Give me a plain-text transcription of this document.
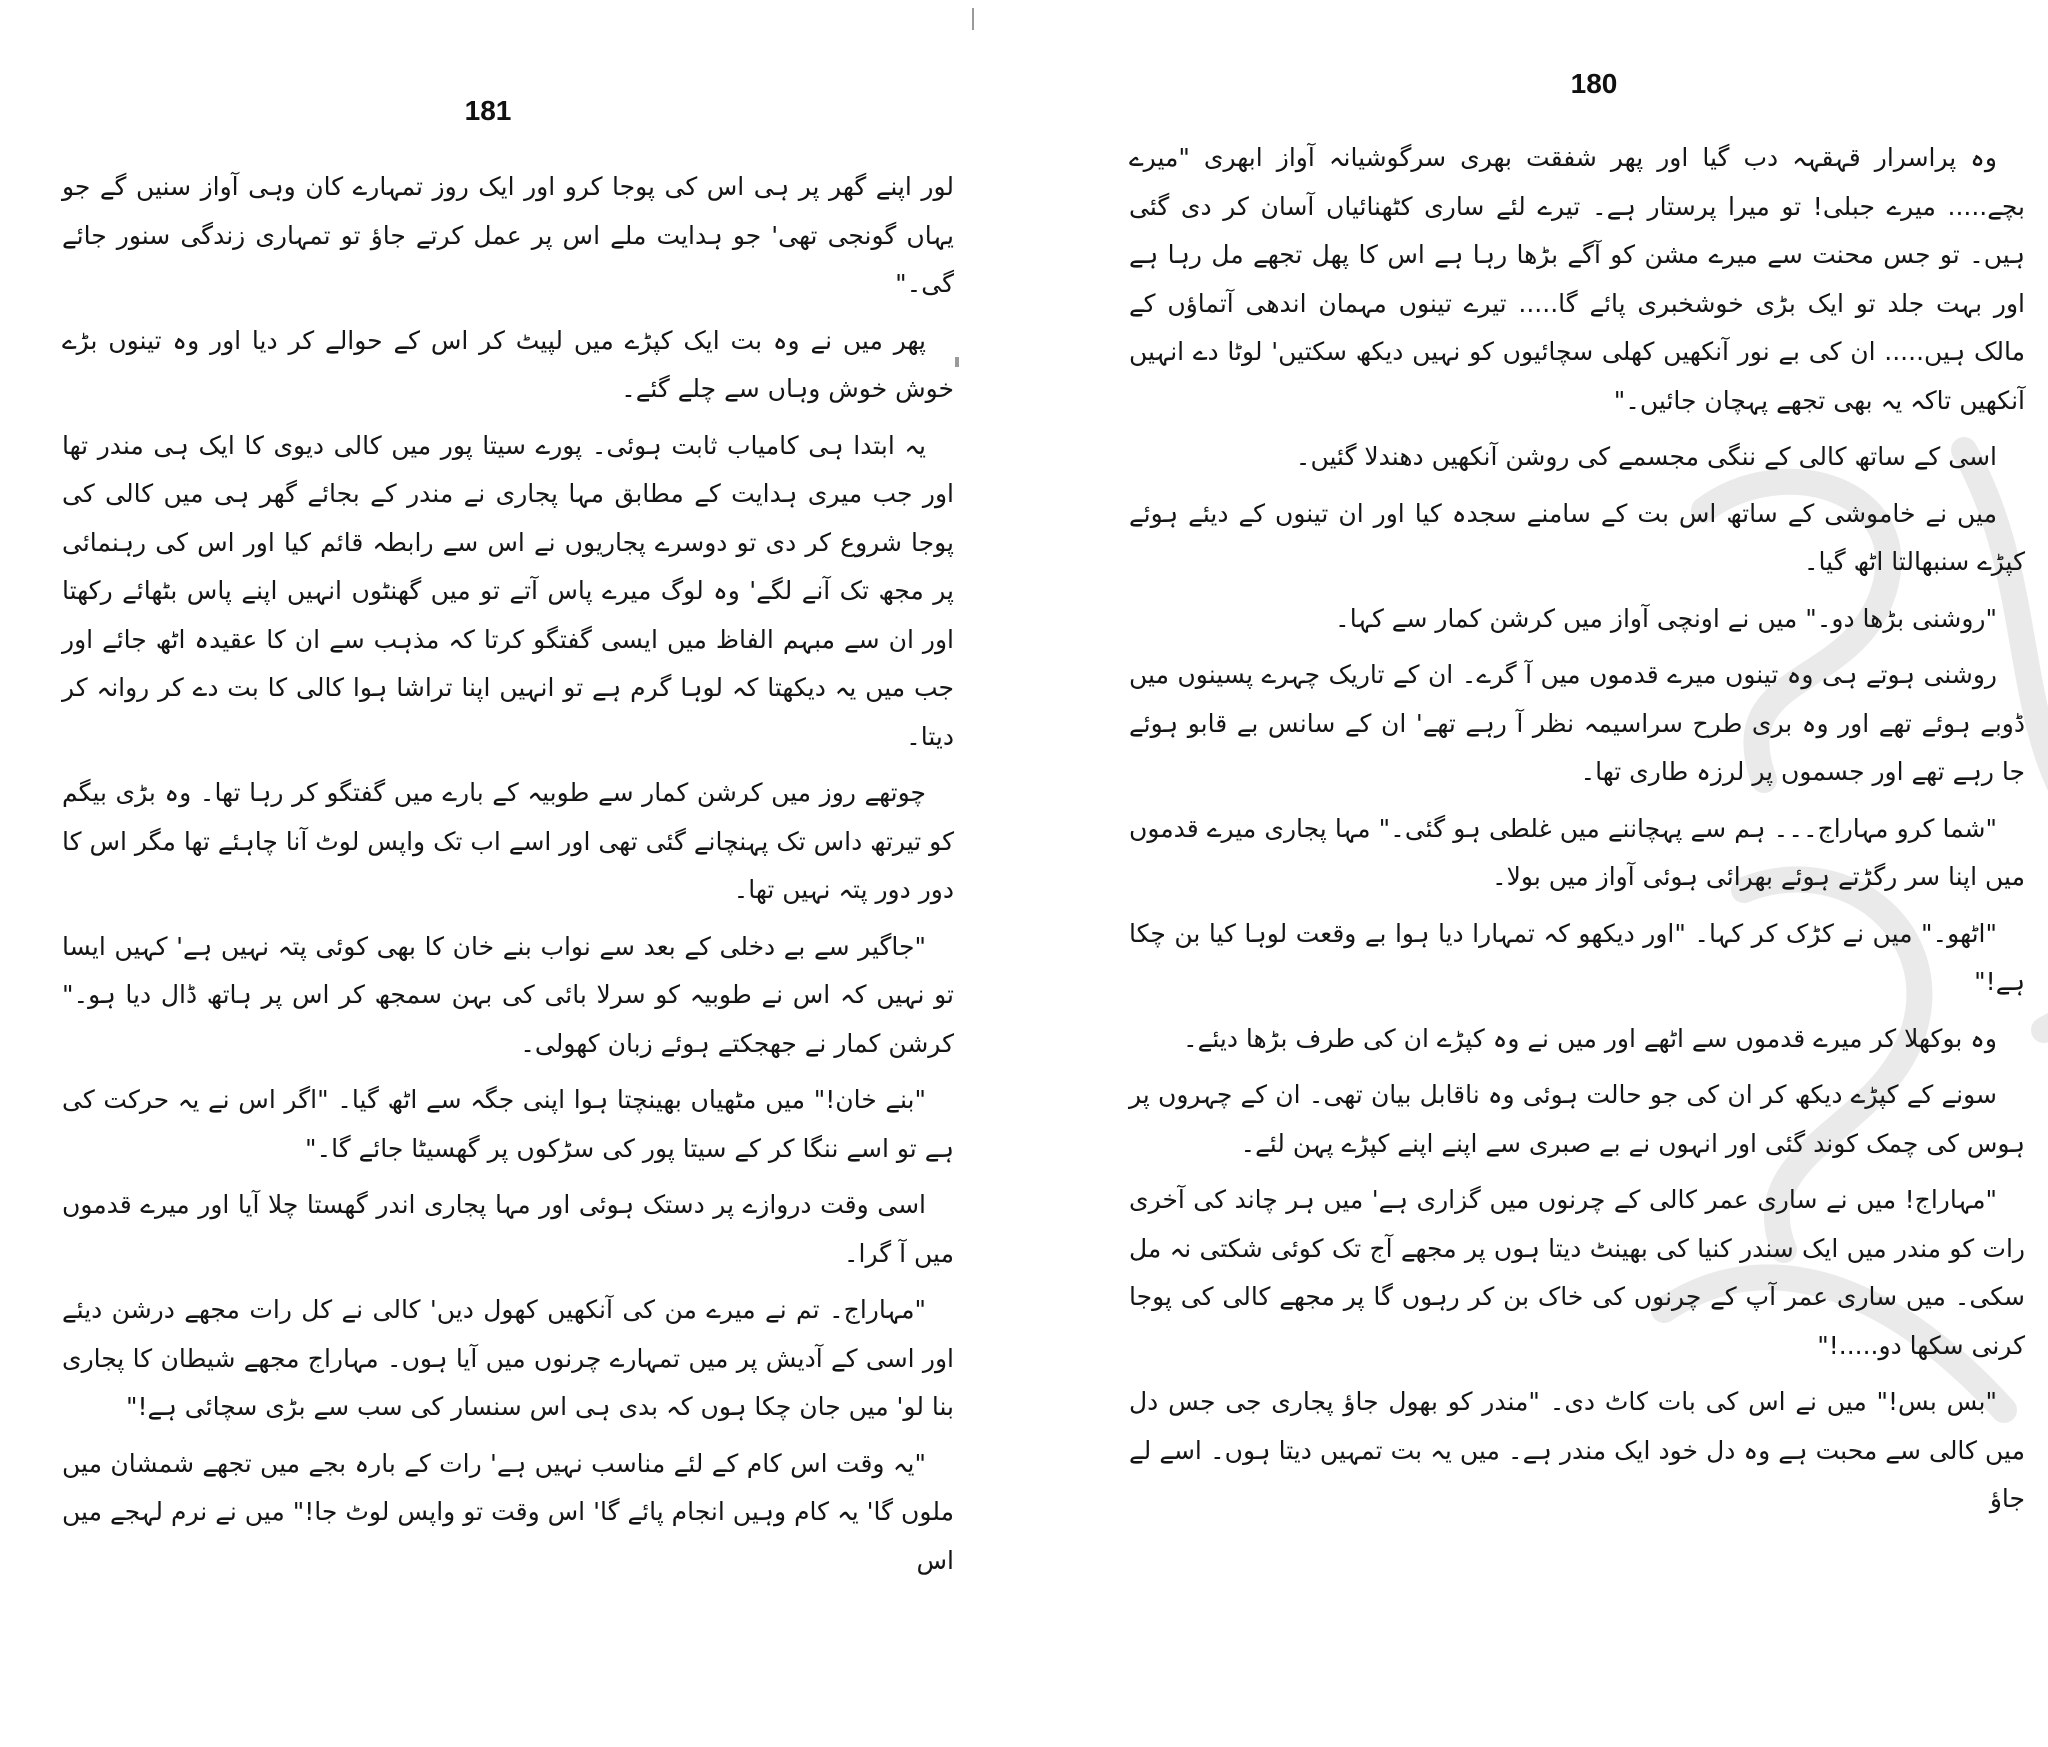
181

لور اپنے گھر پر ہی اس کی پوجا کرو اور ایک روز تمہارے کان وہی آواز سنیں گے جو یہاں گونجی تھی' جو ہدایت ملے اس پر عمل کرتے جاؤ تو تمہاری زندگی سنور جائے گی۔"

پھر میں نے وہ بت ایک کپڑے میں لپیٹ کر اس کے حوالے کر دیا اور وہ تینوں بڑے خوش خوش وہاں سے چلے گئے۔

یہ ابتدا ہی کامیاب ثابت ہوئی۔ پورے سیتا پور میں کالی دیوی کا ایک ہی مندر تھا اور جب میری ہدایت کے مطابق مہا پجاری نے مندر کے بجائے گھر ہی میں کالی کی پوجا شروع کر دی تو دوسرے پجاریوں نے اس سے رابطہ قائم کیا اور اس کی رہنمائی پر مجھ تک آنے لگے' وہ لوگ میرے پاس آتے تو میں گھنٹوں انہیں اپنے پاس بٹھائے رکھتا اور ان سے مبہم الفاظ میں ایسی گفتگو کرتا کہ مذہب سے ان کا عقیدہ اٹھ جائے اور جب میں یہ دیکھتا کہ لوہا گرم ہے تو انہیں اپنا تراشا ہوا کالی کا بت دے کر روانہ کر دیتا۔

چوتھے روز میں کرشن کمار سے طوبیہ کے بارے میں گفتگو کر رہا تھا۔ وہ بڑی بیگم کو تیرتھ داس تک پہنچانے گئی تھی اور اسے اب تک واپس لوٹ آنا چاہئے تھا مگر اس کا دور دور پتہ نہیں تھا۔

"جاگیر سے بے دخلی کے بعد سے نواب بنے خان کا بھی کوئی پتہ نہیں ہے' کہیں ایسا تو نہیں کہ اس نے طوبیہ کو سرلا بائی کی بہن سمجھ کر اس پر ہاتھ ڈال دیا ہو۔" کرشن کمار نے جھجکتے ہوئے زبان کھولی۔

"بنے خان!" میں مٹھیاں بھینچتا ہوا اپنی جگہ سے اٹھ گیا۔ "اگر اس نے یہ حرکت کی ہے تو اسے ننگا کر کے سیتا پور کی سڑکوں پر گھسیٹا جائے گا۔"

اسی وقت دروازے پر دستک ہوئی اور مہا پجاری اندر گھستا چلا آیا اور میرے قدموں میں آ گرا۔

"مہاراج۔ تم نے میرے من کی آنکھیں کھول دیں' کالی نے کل رات مجھے درشن دیئے اور اسی کے آدیش پر میں تمہارے چرنوں میں آیا ہوں۔ مہاراج مجھے شیطان کا پجاری بنا لو' میں جان چکا ہوں کہ بدی ہی اس سنسار کی سب سے بڑی سچائی ہے!"

"یہ وقت اس کام کے لئے مناسب نہیں ہے' رات کے بارہ بجے میں تجھے شمشان میں ملوں گا' یہ کام وہیں انجام پائے گا' اس وقت تو واپس لوٹ جا!" میں نے نرم لہجے میں اس

180

وہ پراسرار قہقہہ دب گیا اور پھر شفقت بھری سرگوشیانہ آواز ابھری "میرے بچے..... میرے جبلی! تو میرا پرستار ہے۔ تیرے لئے ساری کٹھنائیاں آسان کر دی گئی ہیں۔ تو جس محنت سے میرے مشن کو آگے بڑھا رہا ہے اس کا پھل تجھے مل رہا ہے اور بہت جلد تو ایک بڑی خوشخبری پائے گا..... تیرے تینوں مہمان اندھی آتماؤں کے مالک ہیں..... ان کی بے نور آنکھیں کھلی سچائیوں کو نہیں دیکھ سکتیں' لوٹا دے انہیں آنکھیں تاکہ یہ بھی تجھے پہچان جائیں۔"

اسی کے ساتھ کالی کے ننگی مجسمے کی روشن آنکھیں دھندلا گئیں۔

میں نے خاموشی کے ساتھ اس بت کے سامنے سجدہ کیا اور ان تینوں کے دیئے ہوئے کپڑے سنبھالتا اٹھ گیا۔

"روشنی بڑھا دو۔" میں نے اونچی آواز میں کرشن کمار سے کہا۔

روشنی ہوتے ہی وہ تینوں میرے قدموں میں آ گرے۔ ان کے تاریک چہرے پسینوں میں ڈوبے ہوئے تھے اور وہ بری طرح سراسیمہ نظر آ رہے تھے' ان کے سانس بے قابو ہوئے جا رہے تھے اور جسموں پر لرزہ طاری تھا۔

"شما کرو مہاراج۔۔۔ ہم سے پہچاننے میں غلطی ہو گئی۔" مہا پجاری میرے قدموں میں اپنا سر رگڑتے ہوئے بھرائی ہوئی آواز میں بولا۔

"اٹھو۔" میں نے کڑک کر کہا۔ "اور دیکھو کہ تمہارا دیا ہوا بے وقعت لوہا کیا بن چکا ہے!"

وہ بوکھلا کر میرے قدموں سے اٹھے اور میں نے وہ کپڑے ان کی طرف بڑھا دیئے۔

سونے کے کپڑے دیکھ کر ان کی جو حالت ہوئی وہ ناقابل بیان تھی۔ ان کے چہروں پر ہوس کی چمک کوند گئی اور انہوں نے بے صبری سے اپنے اپنے کپڑے پہن لئے۔

"مہاراج! میں نے ساری عمر کالی کے چرنوں میں گزاری ہے' میں ہر چاند کی آخری رات کو مندر میں ایک سندر کنیا کی بھینٹ دیتا ہوں پر مجھے آج تک کوئی شکتی نہ مل سکی۔ میں ساری عمر آپ کے چرنوں کی خاک بن کر رہوں گا پر مجھے کالی کی پوجا کرنی سکھا دو.....!"

"بس بس!" میں نے اس کی بات کاٹ دی۔ "مندر کو بھول جاؤ پجاری جی جس دل میں کالی سے محبت ہے وہ دل خود ایک مندر ہے۔ میں یہ بت تمہیں دیتا ہوں۔ اسے لے جاؤ
